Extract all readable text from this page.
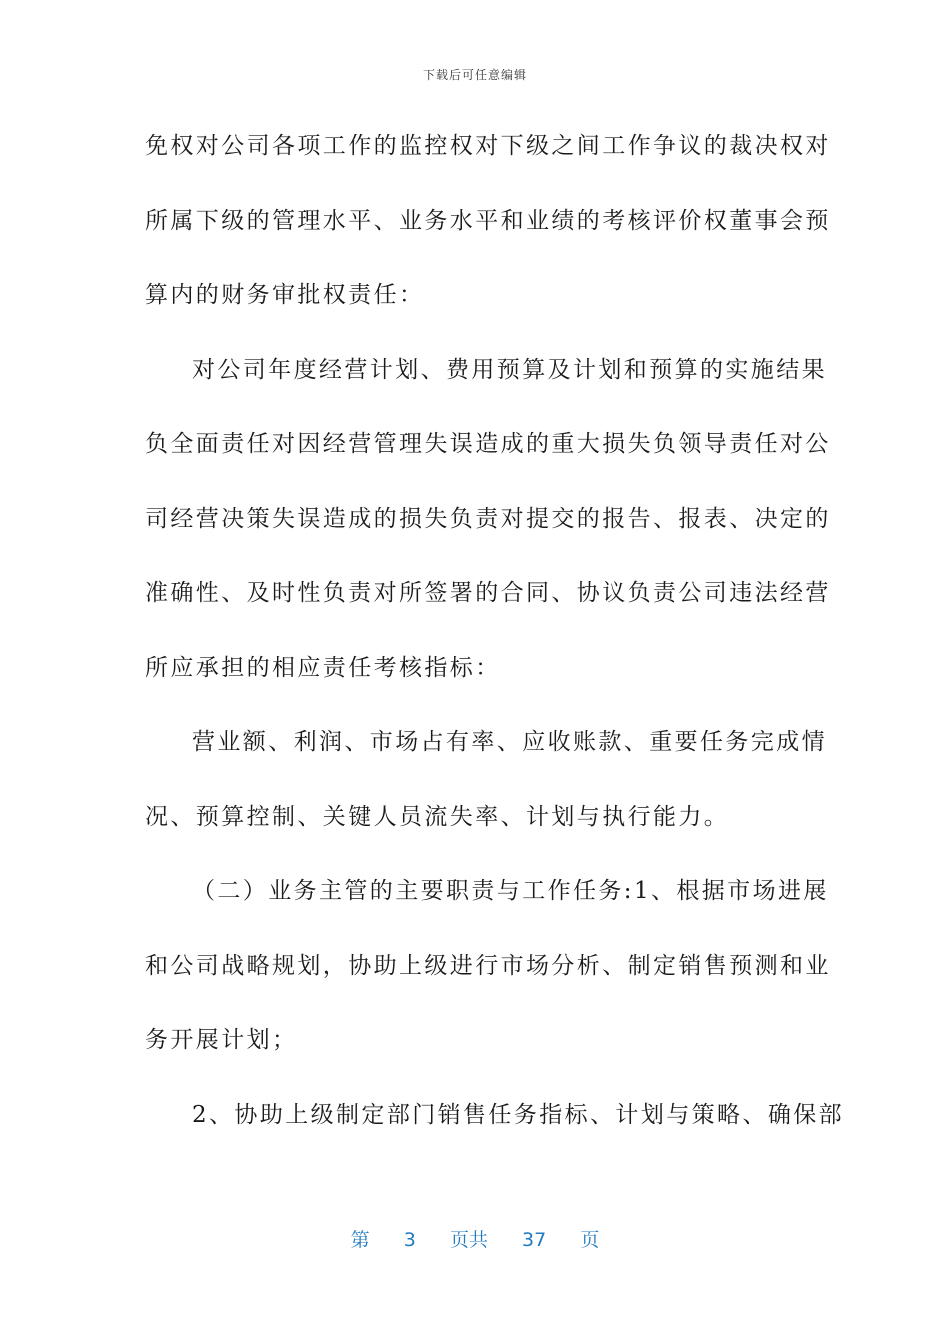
下载后可任意编辑
免权对公司各项工作的监控权对下级之间工作争议的裁决权对
所属下级的管理水平、业务水平和业绩的考核评价权董事会预
算内的财务审批权责任：
对公司年度经营计划、费用预算及计划和预算的实施结果
负全面责任对因经营管理失误造成的重大损失负领导责任对公
司经营决策失误造成的损失负责对提交的报告、报表、决定的
准确性、及时性负责对所签署的合同、协议负责公司违法经营
所应承担的相应责任考核指标：
营业额、利润、市场占有率、应收账款、重要任务完成情
况、预算控制、关键人员流失率、计划与执行能力。
（二）业务主管的主要职责与工作任务:1、根据市场进展
和公司战略规划，协助上级进行市场分析、制定销售预测和业
务开展计划；
2、协助上级制定部门销售任务指标、计划与策略、确保部
第 3 页共 37 页
